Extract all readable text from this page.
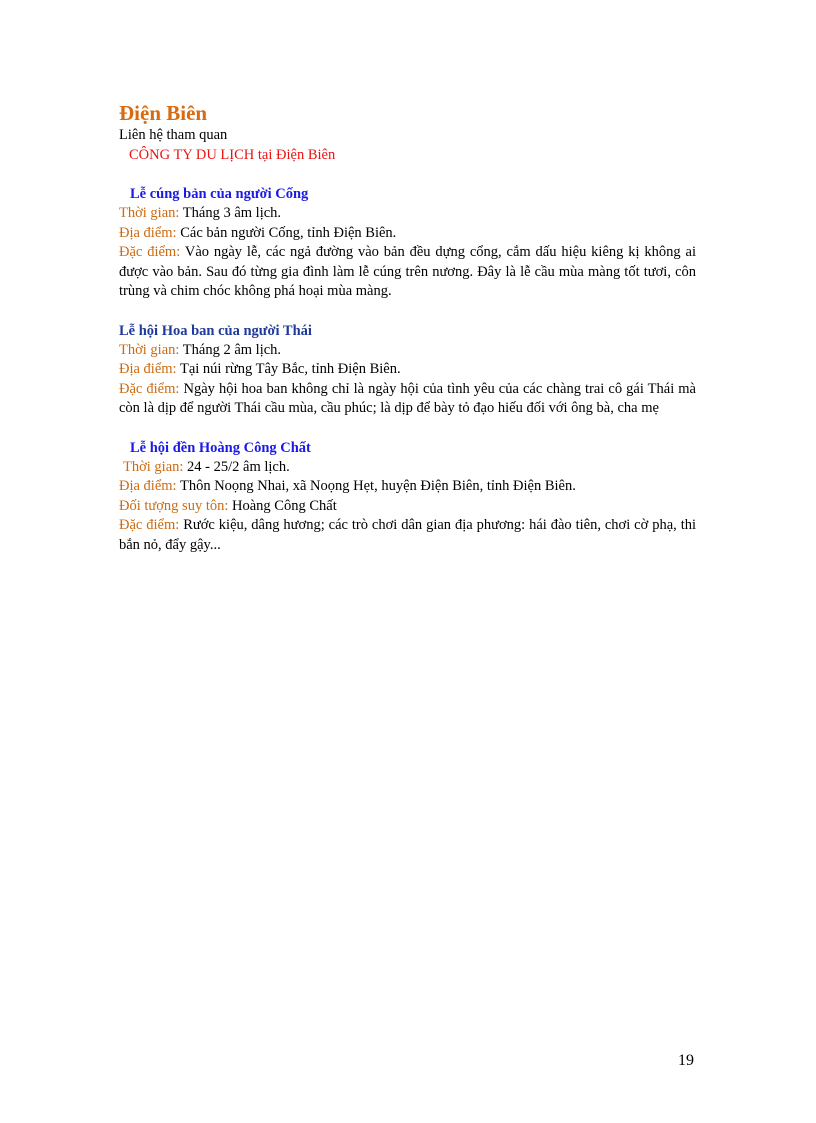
Điện Biên
Liên hệ tham quan
CÔNG TY DU LỊCH tại Điện Biên
Lễ cúng bản của người Cống
Thời gian: Tháng 3 âm lịch.
Địa điểm: Các bản người Cống, tỉnh Điện Biên.
Đặc điểm: Vào ngày lễ, các ngả đường vào bản đều dựng cổng, cắm dấu hiệu kiêng kị không ai được vào bản. Sau đó từng gia đình làm lễ cúng trên nương. Đây là lễ cầu mùa màng tốt tươi, côn trùng và chim chóc không phá hoại mùa màng.
Lễ hội Hoa ban của người Thái
Thời gian: Tháng 2 âm lịch.
Địa điểm: Tại núi rừng Tây Bắc, tỉnh Điện Biên.
Đặc điểm: Ngày hội hoa ban không chỉ là ngày hội của tình yêu của các chàng trai cô gái Thái mà còn là dịp để người Thái cầu mùa, cầu phúc; là dịp để bày tỏ đạo hiếu đối với ông bà, cha mẹ
Lễ hội đền Hoàng Công Chất
Thời gian: 24 - 25/2 âm lịch.
Địa điểm: Thôn Noọng Nhai, xã Noọng Hẹt, huyện Điện Biên, tỉnh Điện Biên.
Đối tượng suy tôn: Hoàng Công Chất
Đặc điểm: Rước kiệu, dâng hương; các trò chơi dân gian địa phương: hái đào tiên, chơi cờ phạ, thi bắn nỏ, đẩy gậy...
19
